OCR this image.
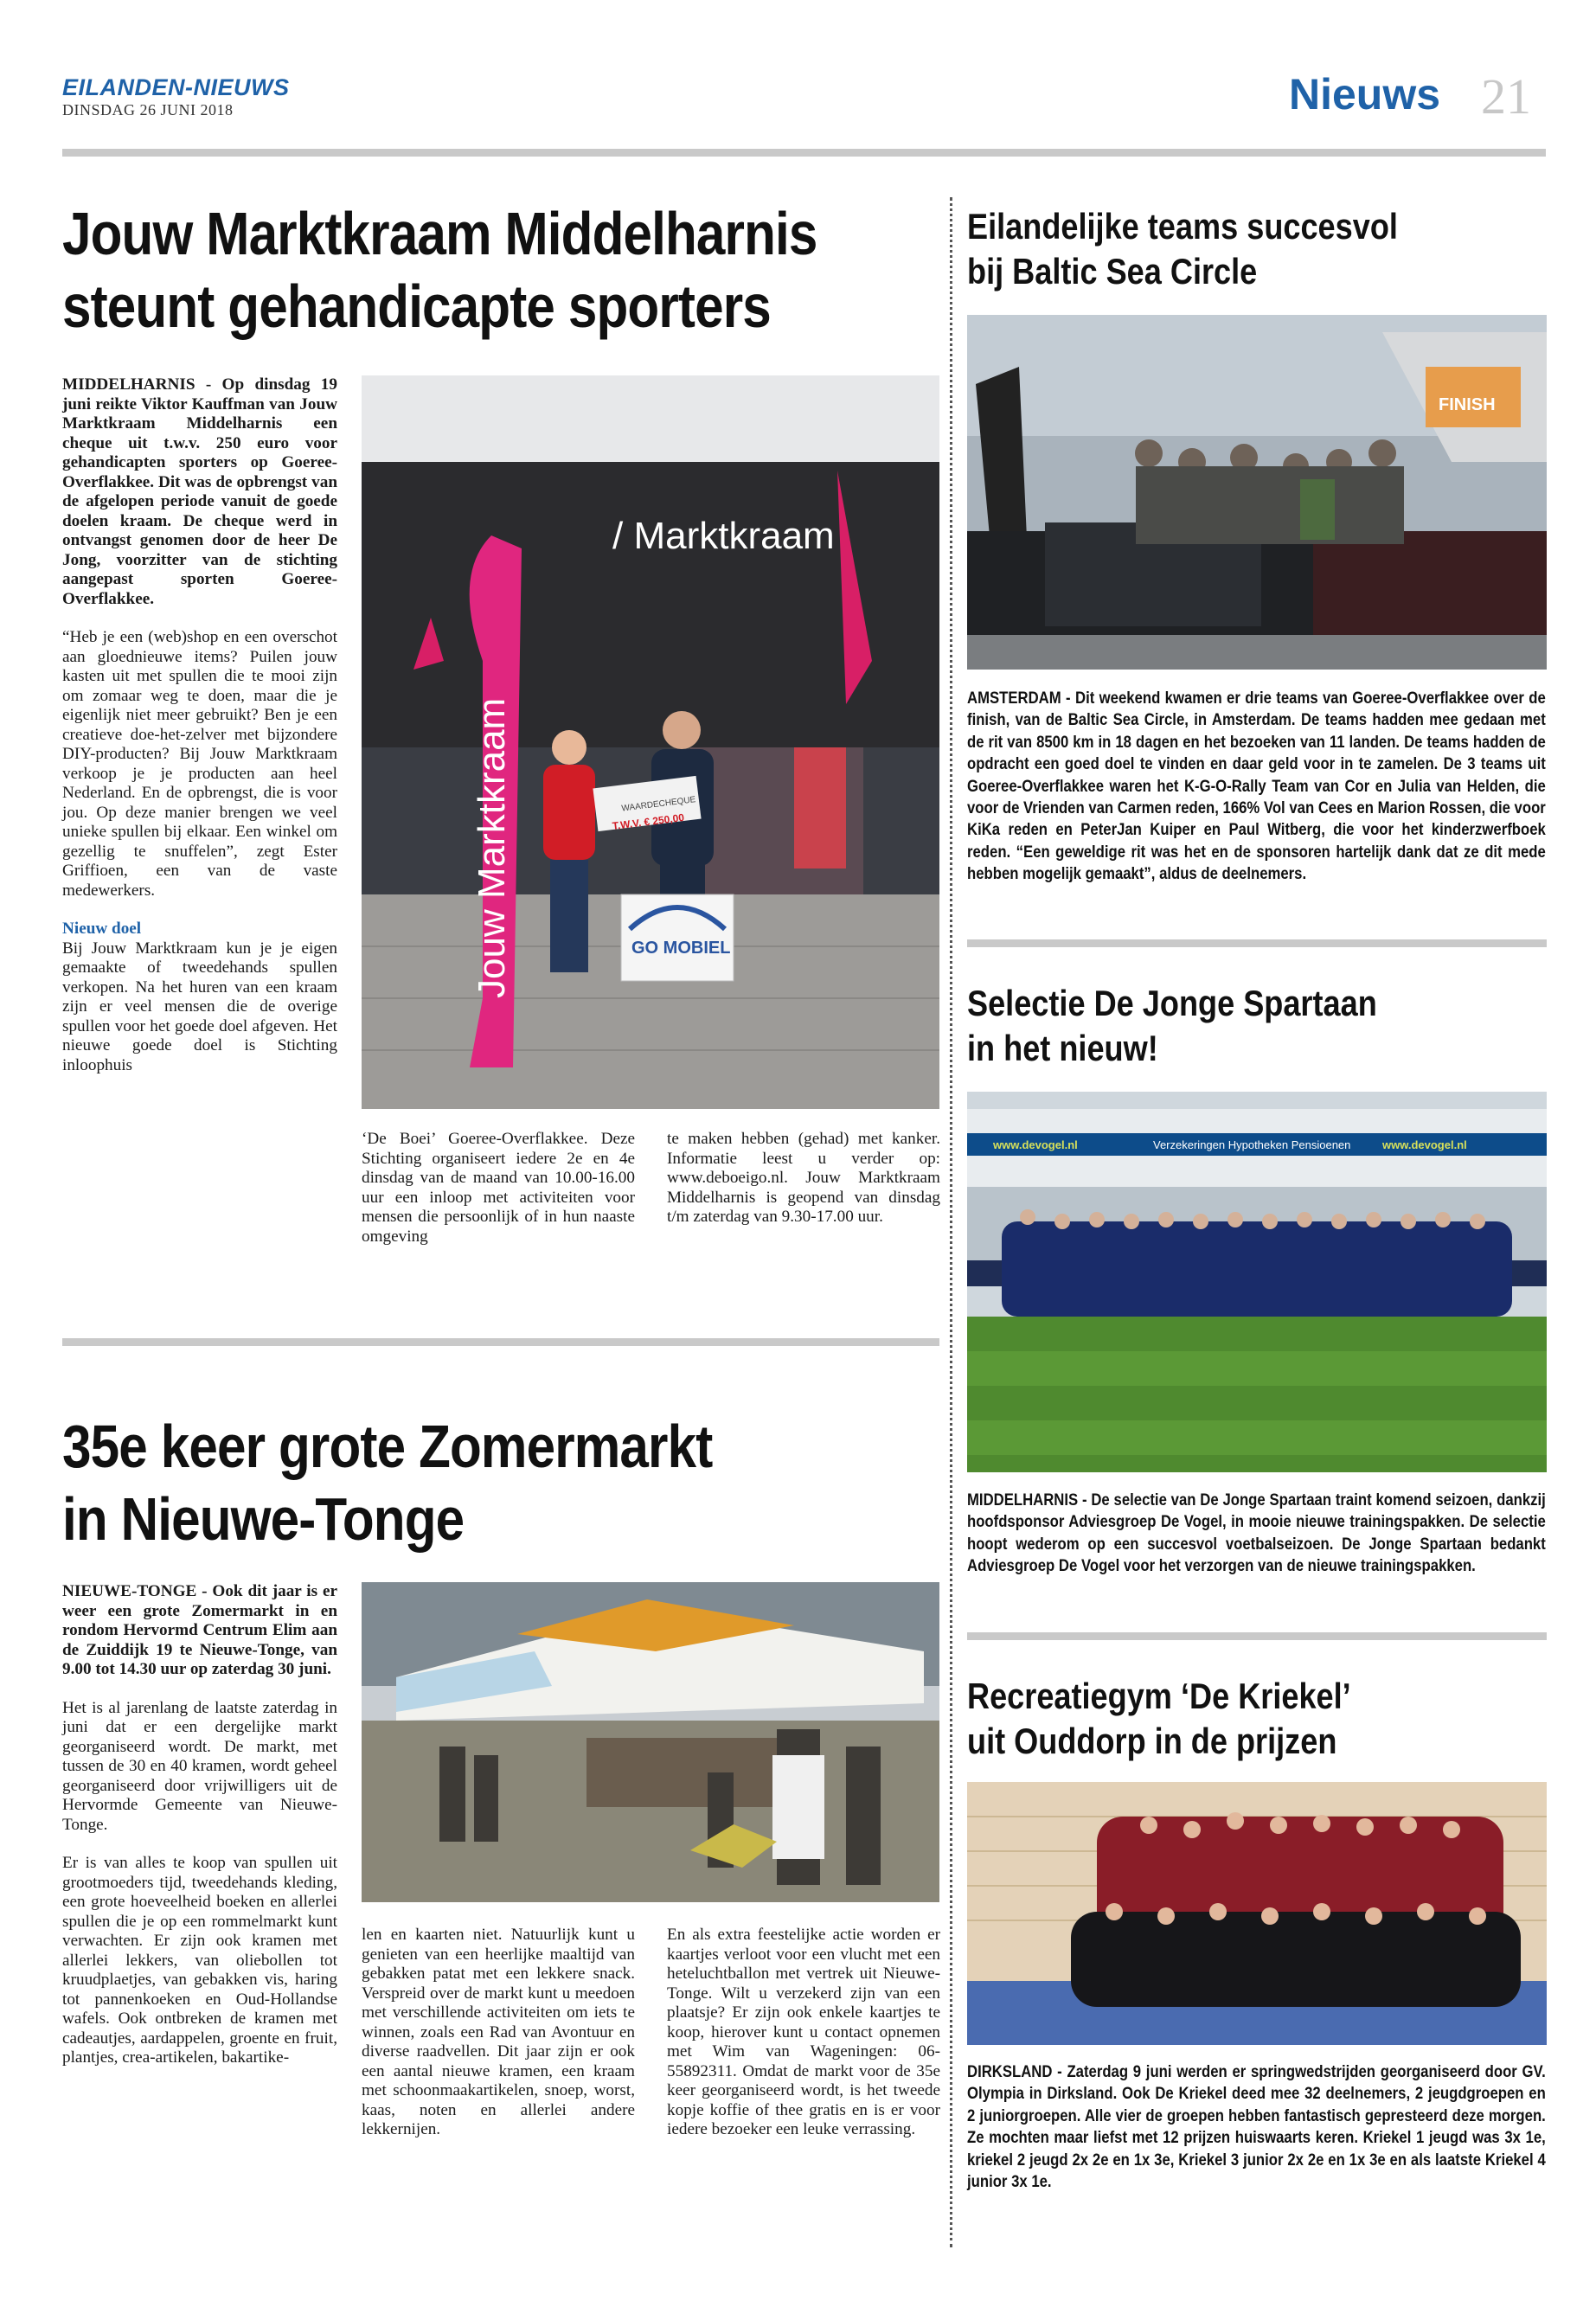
EILANDEN-NIEUWS
DINSDAG 26 JUNI 2018	Nieuws 21
Jouw Marktkraam Middelharnis
steunt gehandicapte sporters

MIDDELHARNIS - Op dinsdag 19 juni reikte Viktor Kauffman van Jouw Marktkraam Middelharnis een cheque uit t.w.v. 250 euro voor gehandicapten sporters op Goeree-Overflakkee. Dit was de opbrengst van de afgelopen periode vanuit de goede doelen kraam. De cheque werd in ontvangst genomen door de heer De Jong, voorzitter van de stichting aangepast sporten Goeree-Overflakkee.

“Heb je een (web)shop en een overschot aan gloednieuwe items? Puilen jouw kasten uit met spullen die te mooi zijn om zomaar weg te doen, maar die je eigenlijk niet meer gebruikt? Ben je een creatieve doe-het-zelver met bijzondere DIY-producten? Bij Jouw Marktkraam verkoop je je producten aan heel Nederland. En de opbrengst, die is voor jou. Op deze manier brengen we veel unieke spullen bij elkaar. Een winkel om gezellig te snuffelen”, zegt Ester Griffioen, een van de vaste medewerkers.

Nieuw doel

Bij Jouw Marktkraam kun je je eigen gemaakte of tweedehands spullen verkopen. Na het huren van een kraam zijn er veel mensen die de overige spullen voor het goede doel afgeven. Het nieuwe goede doel is Stichting inloophuis

/ Marktkraam
Jouw Marktkraam	WAARDECHEQUE
T.W.V. € 250,00
GO MOBIEL

‘De Boei’ Goeree-Overflakkee. Deze Stichting organiseert iedere 2e en 4e dinsdag van de maand van 10.00-16.00 uur een inloop met activiteiten voor mensen die persoonlijk of in hun naaste omgeving

te maken hebben (gehad) met kanker. Informatie leest u verder op: www.deboeigo.nl. Jouw Marktkraam Middelharnis is geopend van dinsdag t/m zaterdag van 9.30-17.00 uur.

35e keer grote Zomermarkt
in Nieuwe-Tonge

NIEUWE-TONGE - Ook dit jaar is er weer een grote Zomermarkt in en rondom Hervormd Centrum Elim aan de Zuiddijk 19 te Nieuwe-Tonge, van 9.00 tot 14.30 uur op zaterdag 30 juni.

Het is al jarenlang de laatste zaterdag in juni dat er een dergelijke markt georganiseerd wordt. De markt, met tussen de 30 en 40 kramen, wordt geheel georganiseerd door vrijwilligers uit de Hervormde Gemeente van Nieuwe-Tonge.

Er is van alles te koop van spullen uit grootmoeders tijd, tweedehands kleding, een grote hoeveelheid boeken en allerlei spullen die je op een rommelmarkt kunt verwachten. Er zijn ook kramen met allerlei lekkers, van oliebollen tot kruudplaetjes, van gebakken vis, haring tot pannenkoeken en Oud-Hollandse wafels. Ook ontbreken de kramen met cadeautjes, aardappelen, groente en fruit, plantjes, crea-artikelen, bakartike-

len en kaarten niet. Natuurlijk kunt u genieten van een heerlijke maaltijd van gebakken patat met een lekkere snack. Verspreid over de markt kunt u meedoen met verschillende activiteiten om iets te winnen, zoals een Rad van Avontuur en diverse raadvellen. Dit jaar zijn er ook een aantal nieuwe kramen, een kraam met schoonmaakartikelen, snoep, worst, kaas, noten en allerlei andere lekkernijen.

En als extra feestelijke actie worden er kaartjes verloot voor een vlucht met een heteluchtballon met vertrek uit Nieuwe-Tonge. Wilt u verzekerd zijn van een plaatsje? Er zijn ook enkele kaartjes te koop, hierover kunt u contact opnemen met Wim van Wageningen: 06-55892311. Omdat de markt voor de 35e keer georganiseerd wordt, is het tweede kopje koffie of thee gratis en is er voor iedere bezoeker een leuke verrassing.

Eilandelijke teams succesvol
bij Baltic Sea Circle
FINISH
AMSTERDAM - Dit weekend kwamen er drie teams van Goeree-Overflakkee over de finish, van de Baltic Sea Circle, in Amsterdam. De teams hadden mee gedaan met de rit van 8500 km in 18 dagen en het bezoeken van 11 landen. De teams hadden de opdracht een goed doel te vinden en daar geld voor in te zamelen. De 3 teams uit Goeree-Overflakkee waren het K-G-O-Rally Team van Cor en Julia van Helden, die voor de Vrienden van Carmen reden, 166% Vol van Cees en Marion Rossen, die voor KiKa reden en PeterJan Kuiper en Paul Witberg, die voor het kinderzwerfboek reden. “Een geweldige rit was het en de sponsoren hartelijk dank dat ze dit mede hebben mogelijk gemaakt”, aldus de deelnemers.
Selectie De Jonge Spartaan
in het nieuw!
www.devogel.nl	Verzekeringen Hypotheken Pensioenen	www.devogel.nl
MIDDELHARNIS - De selectie van De Jonge Spartaan traint komend seizoen, dankzij hoofdsponsor Adviesgroep De Vogel, in mooie nieuwe trainingspakken. De selectie hoopt wederom op een succesvol voetbalseizoen. De Jonge Spartaan bedankt Adviesgroep De Vogel voor het verzorgen van de nieuwe trainingspakken.
Recreatiegym ‘De Kriekel’
uit Ouddorp in de prijzen
DIRKSLAND - Zaterdag 9 juni werden er springwedstrijden georganiseerd door GV. Olympia in Dirksland. Ook De Kriekel deed mee 32 deelnemers, 2 jeugdgroepen en 2 juniorgroepen. Alle vier de groepen hebben fantastisch gepresteerd deze morgen. Ze mochten maar liefst met 12 prijzen huiswaarts keren. Kriekel 1 jeugd was 3x 1e, kriekel 2 jeugd 2x 2e en 1x 3e, Kriekel 3 junior 2x 2e en 1x 3e en als laatste Kriekel 4 junior 3x 1e.
